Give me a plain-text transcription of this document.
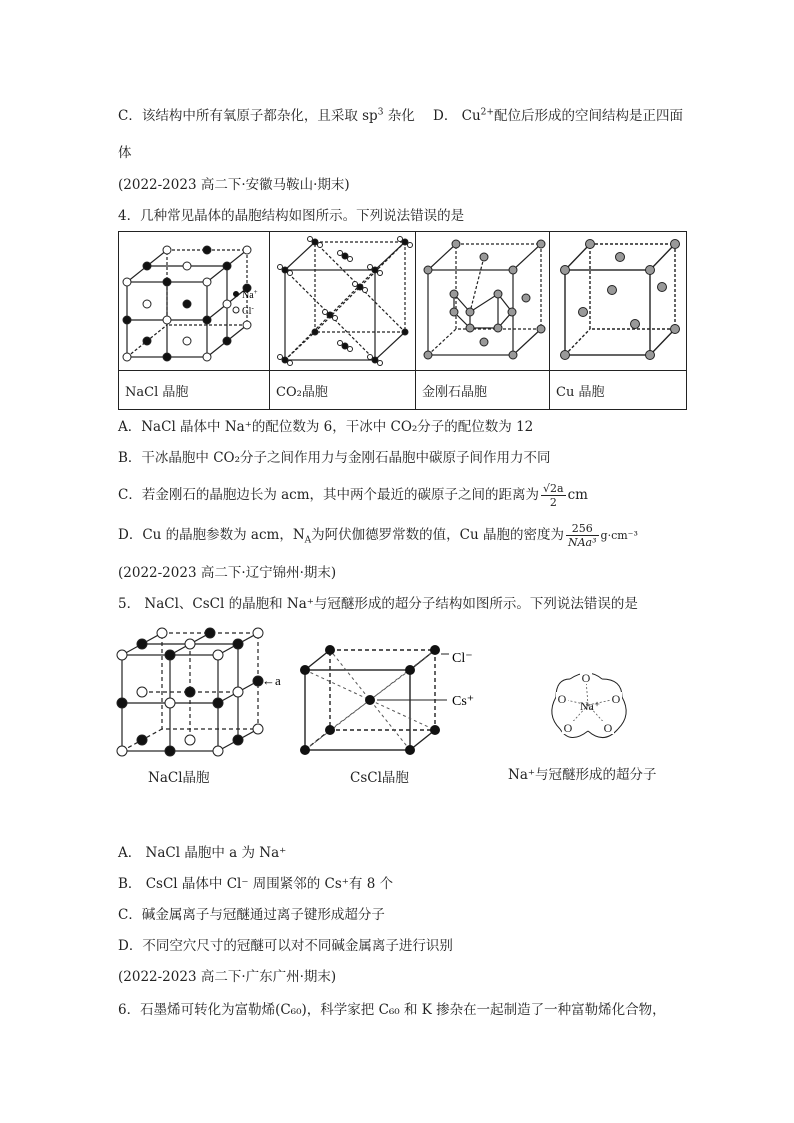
C．该结构中所有氧原子都杂化，且采取 $sp^3$ 杂化 D． $Cu^{2+}$配位后形成的空间结构是正四面
体
(2022-2023 高二下·安徽马鞍山·期末)
4．几种常见晶体的晶胞结构如图所示。下列说法错误的是
Na+
Cl-

NaCl 晶胞	CO₂晶胞	金刚石晶胞	Cu 晶胞
A．NaCl 晶体中 Na⁺的配位数为 6，干冰中 CO₂分子的配位数为 12
B．干冰晶胞中 CO₂分子之间作用力与金刚石晶胞中碳原子间作用力不同
C．若金刚石的晶胞边长为 acm，其中两个最近的碳原子之间的距离为 $\frac{√2a}{2}$ cm
D．Cu 的晶胞参数为 acm，$N_A$为阿伏伽德罗常数的值，Cu 晶胞的密度为 $\frac{256}{\text{NAa³}} g\cdot cm^{-3}$
(2022-2023 高二下·辽宁锦州·期末)
5． NaCl、CsCl 的晶胞和 Na⁺与冠醚形成的超分子结构如图所示。下列说法错误的是
←a
NaCl晶胞
Cl⁻
Cs⁺
CsCl晶胞
O
O
O
O
O Na⁺
Na⁺与冠醚形成的超分子
A． NaCl 晶胞中 a 为 Na⁺
B． CsCl 晶体中 Cl⁻ 周围紧邻的 Cs⁺有 8 个
C．碱金属离子与冠醚通过离子键形成超分子
D．不同空穴尺寸的冠醚可以对不同碱金属离子进行识别
(2022-2023 高二下·广东广州·期末)
6．石墨烯可转化为富勒烯(C₆₀)，科学家把 C₆₀ 和 K 掺杂在一起制造了一种富勒烯化合物，
